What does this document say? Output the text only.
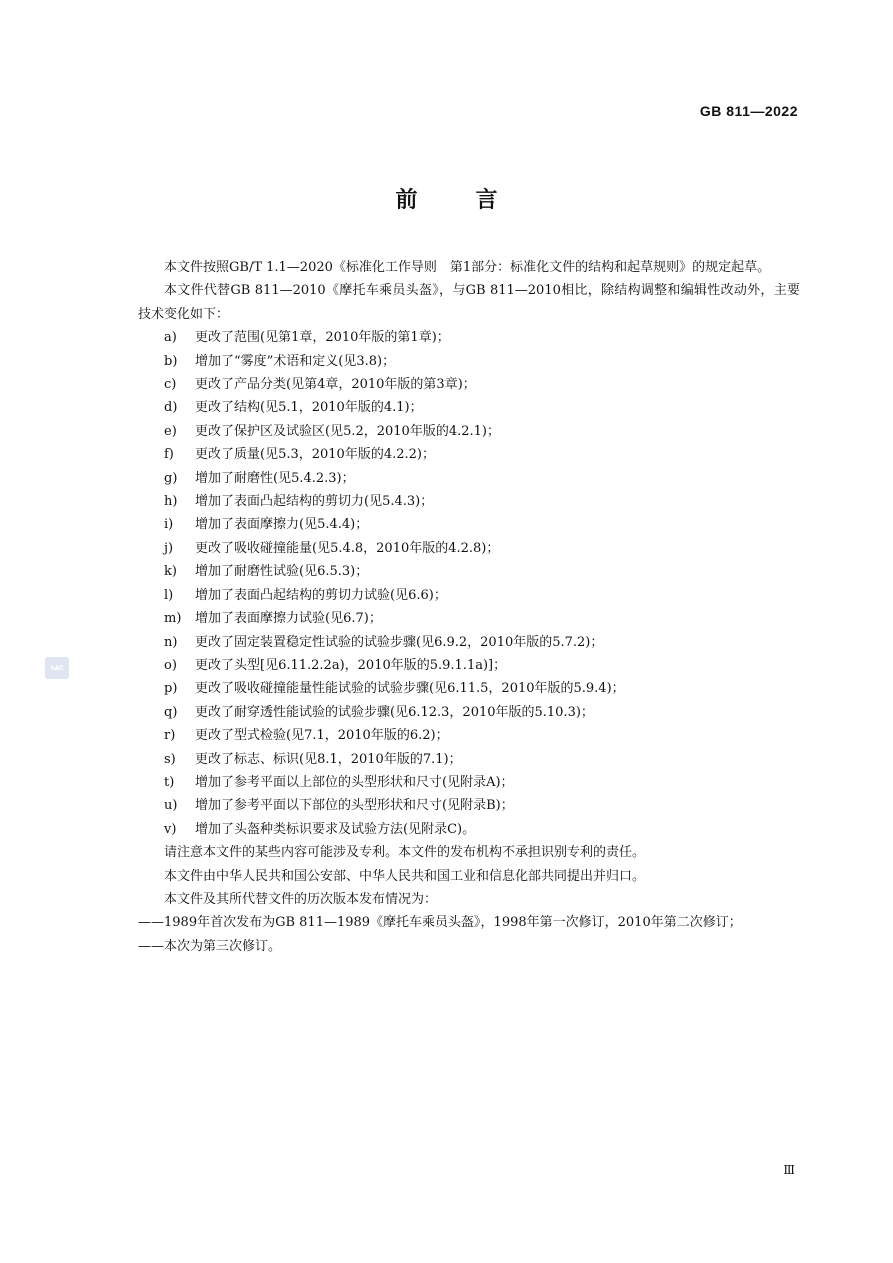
GB 811—2022
前	言
SAC

本文件按照GB/T 1.1—2020《标准化工作导则　第1部分：标准化文件的结构和起草规则》的规定起草。

本文件代替GB 811—2010《摩托车乘员头盔》，与GB 811—2010相比，除结构调整和编辑性改动外，主要技术变化如下：

a) 更改了范围(见第1章，2010年版的第1章)；
b) 增加了“雾度”术语和定义(见3.8)；
c) 更改了产品分类(见第4章，2010年版的第3章)；
d) 更改了结构(见5.1，2010年版的4.1)；
e) 更改了保护区及试验区(见5.2，2010年版的4.2.1)；
f) 更改了质量(见5.3，2010年版的4.2.2)；
g) 增加了耐磨性(见5.4.2.3)；
h) 增加了表面凸起结构的剪切力(见5.4.3)；
i) 增加了表面摩擦力(见5.4.4)；
j) 更改了吸收碰撞能量(见5.4.8，2010年版的4.2.8)；
k) 增加了耐磨性试验(见6.5.3)；
l) 增加了表面凸起结构的剪切力试验(见6.6)；
m) 增加了表面摩擦力试验(见6.7)；
n) 更改了固定装置稳定性试验的试验步骤(见6.9.2，2010年版的5.7.2)；
o) 更改了头型[见6.11.2.2a)，2010年版的5.9.1.1a)]；
p) 更改了吸收碰撞能量性能试验的试验步骤(见6.11.5，2010年版的5.9.4)；
q) 更改了耐穿透性能试验的试验步骤(见6.12.3，2010年版的5.10.3)；
r) 更改了型式检验(见7.1，2010年版的6.2)；
s) 更改了标志、标识(见8.1，2010年版的7.1)；
t) 增加了参考平面以上部位的头型形状和尺寸(见附录A)；
u) 增加了参考平面以下部位的头型形状和尺寸(见附录B)；
v) 增加了头盔种类标识要求及试验方法(见附录C)。

请注意本文件的某些内容可能涉及专利。本文件的发布机构不承担识别专利的责任。

本文件由中华人民共和国公安部、中华人民共和国工业和信息化部共同提出并归口。

本文件及其所代替文件的历次版本发布情况为：

——1989年首次发布为GB 811—1989《摩托车乘员头盔》，1998年第一次修订，2010年第二次修订；
——本次为第三次修订。
Ⅲ
